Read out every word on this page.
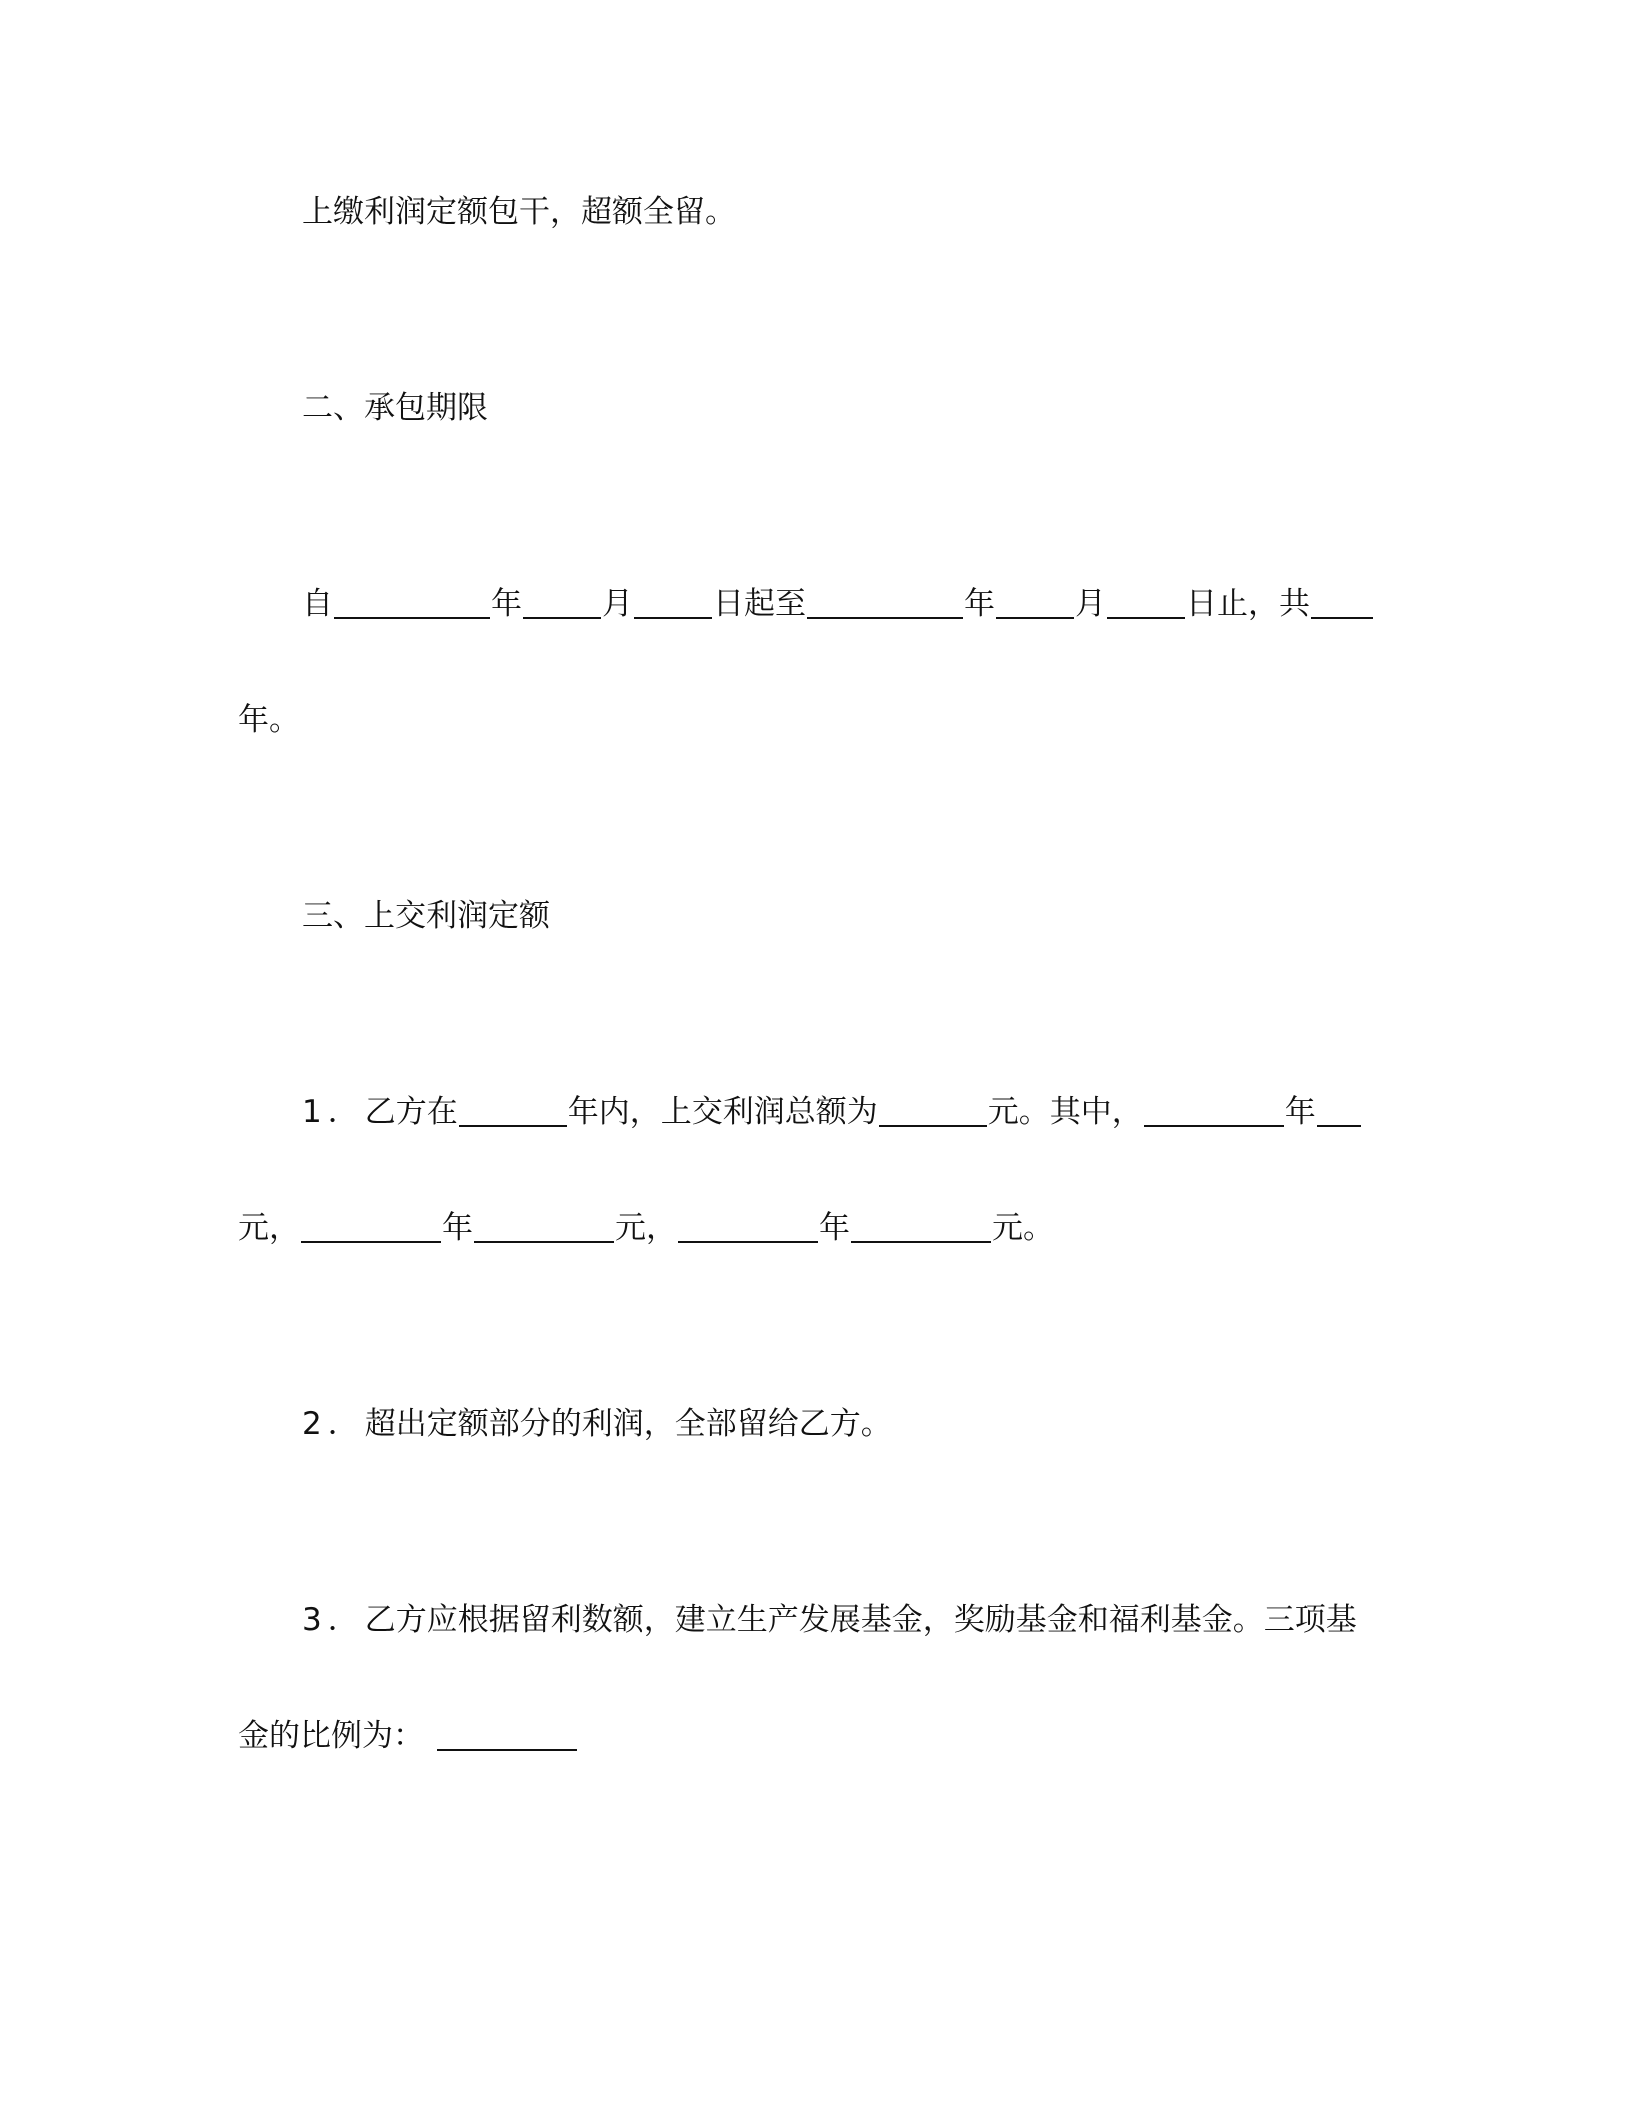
上缴利润定额包干，超额全留。
二、承包期限
自	年	月	日起至	年	月	日止，共
年。
三、上交利润定额
1．乙方在	年内，上交利润总额为	元。其中，	年
元，	年	元，	年	元。
2．超出定额部分的利润，全部留给乙方。
3．乙方应根据留利数额，建立生产发展基金，奖励基金和福利基金。三项基
金的比例为：
